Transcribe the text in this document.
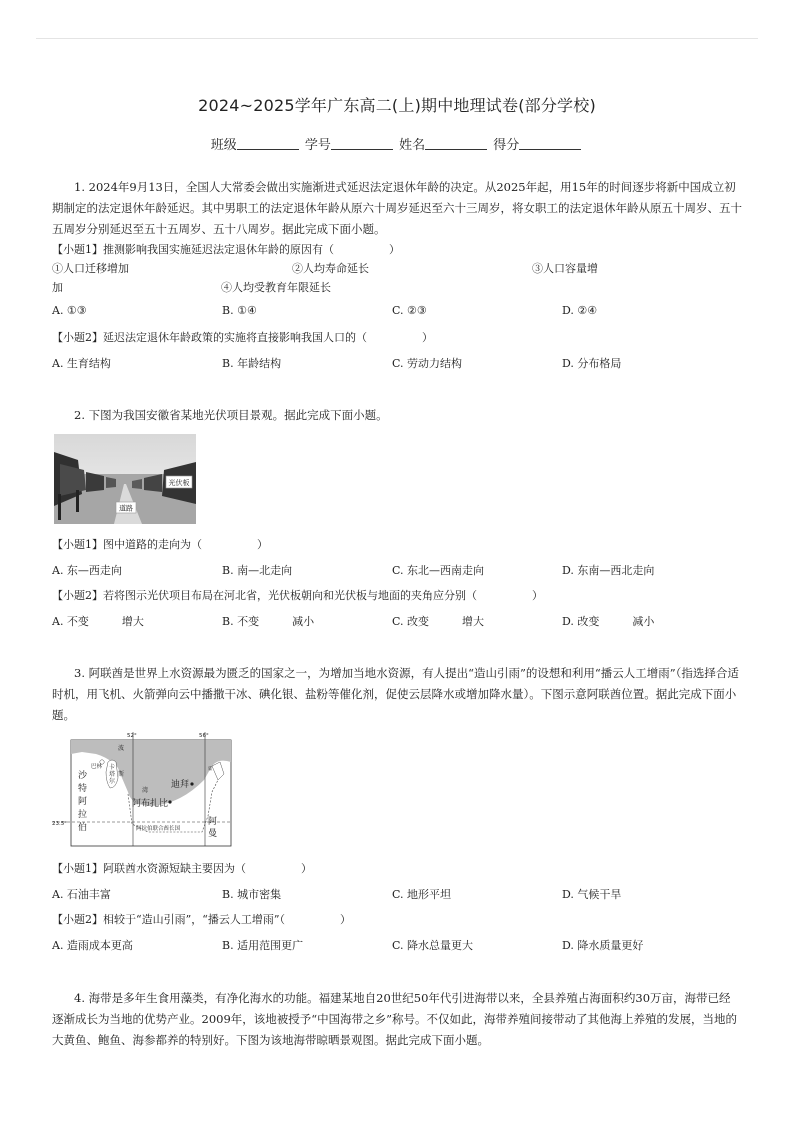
2024~2025学年广东高二(上)期中地理试卷(部分学校)
班级	学号	姓名	得分
1. 2024年9月13日，全国人大常委会做出实施渐进式延迟法定退休年龄的决定。从2025年起，用15年的时间逐步将新中国成立初期制定的法定退休年龄延迟。其中男职工的法定退休年龄从原六十周岁延迟至六十三周岁，将女职工的法定退休年龄从原五十周岁、五十五周岁分别延迟至五十五周岁、五十八周岁。据此完成下面小题。
【小题1】推测影响我国实施延迟法定退休年龄的原因有（　　　　　）
①人口迁移增加	②人均寿命延长	③人口容量增
加	④人均受教育年限延长
A. ①③	B. ①④	C. ②③	D. ②④
【小题2】延迟法定退休年龄政策的实施将直接影响我国人口的（　　　　　）
A. 生育结构	B. 年龄结构	C. 劳动力结构	D. 分布格局
2. 下图为我国安徽省某地光伏项目景观。据此完成下面小题。
光伏板
道路
【小题1】图中道路的走向为（　　　　　）
A. 东—西走向	B. 南—北走向	C. 东北—西南走向	D. 东南—西北走向
【小题2】若将图示光伏项目布局在河北省，光伏板朝向和光伏板与地面的夹角应分别（　　　　　）
A. 不变　　　增大	B. 不变　　　减小	C. 改变　　　增大	D. 改变　　　减小
3. 阿联酋是世界上水资源最为匮乏的国家之一，为增加当地水资源，有人提出“造山引雨”的设想和利用“播云人工增雨”（指选择合适时机，用飞机、火箭弹向云中播撒干冰、碘化银、盐粉等催化剂，促使云层降水或增加降水量）。下图示意阿联酋位置。据此完成下面小题。
52°	56°
23.5°
沙
特
阿
拉
伯
巴林 卡
塔
尔
波
斯
湾
迪拜
阿布扎比
霍
阿
曼
阿拉伯联合酋长国
【小题1】阿联酋水资源短缺主要因为（　　　　　）
A. 石油丰富	B. 城市密集	C. 地形平坦	D. 气候干旱
【小题2】相较于“造山引雨”，“播云人工增雨”（　　　　　）
A. 造雨成本更高	B. 适用范围更广	C. 降水总量更大	D. 降水质量更好
4. 海带是多年生食用藻类，有净化海水的功能。福建某地自20世纪50年代引进海带以来，全县养殖占海面积约30万亩，海带已经逐渐成长为当地的优势产业。2009年，该地被授予“中国海带之乡”称号。不仅如此，海带养殖间接带动了其他海上养殖的发展，当地的大黄鱼、鲍鱼、海参都养的特别好。下图为该地海带晾晒景观图。据此完成下面小题。
